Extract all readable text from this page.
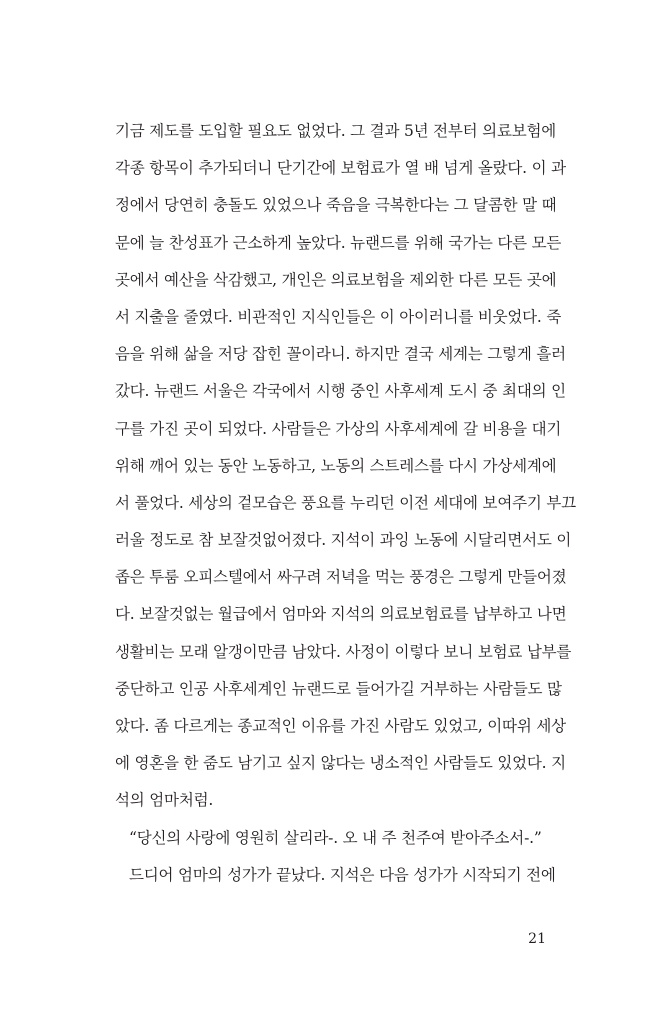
기금 제도를 도입할 필요도 없었다. 그 결과 5년 전부터 의료보험에
각종 항목이 추가되더니 단기간에 보험료가 열 배 넘게 올랐다. 이 과
정에서 당연히 충돌도 있었으나 죽음을 극복한다는 그 달콤한 말 때
문에 늘 찬성표가 근소하게 높았다. 뉴랜드를 위해 국가는 다른 모든
곳에서 예산을 삭감했고, 개인은 의료보험을 제외한 다른 모든 곳에
서 지출을 줄였다. 비관적인 지식인들은 이 아이러니를 비웃었다. 죽
음을 위해 삶을 저당 잡힌 꼴이라니. 하지만 결국 세계는 그렇게 흘러
갔다. 뉴랜드 서울은 각국에서 시행 중인 사후세계 도시 중 최대의 인
구를 가진 곳이 되었다. 사람들은 가상의 사후세계에 갈 비용을 대기
위해 깨어 있는 동안 노동하고, 노동의 스트레스를 다시 가상세계에
서 풀었다. 세상의 겉모습은 풍요를 누리던 이전 세대에 보여주기 부끄
러울 정도로 참 보잘것없어졌다. 지석이 과잉 노동에 시달리면서도 이
좁은 투룸 오피스텔에서 싸구려 저녁을 먹는 풍경은 그렇게 만들어졌
다. 보잘것없는 월급에서 엄마와 지석의 의료보험료를 납부하고 나면
생활비는 모래 알갱이만큼 남았다. 사정이 이렇다 보니 보험료 납부를
중단하고 인공 사후세계인 뉴랜드로 들어가길 거부하는 사람들도 많
았다. 좀 다르게는 종교적인 이유를 가진 사람도 있었고, 이따위 세상
에 영혼을 한 줌도 남기고 싶지 않다는 냉소적인 사람들도 있었다. 지
석의 엄마처럼.
“당신의 사랑에 영원히 살리라-. 오 내 주 천주여 받아주소서-.”
드디어 엄마의 성가가 끝났다. 지석은 다음 성가가 시작되기 전에
21
